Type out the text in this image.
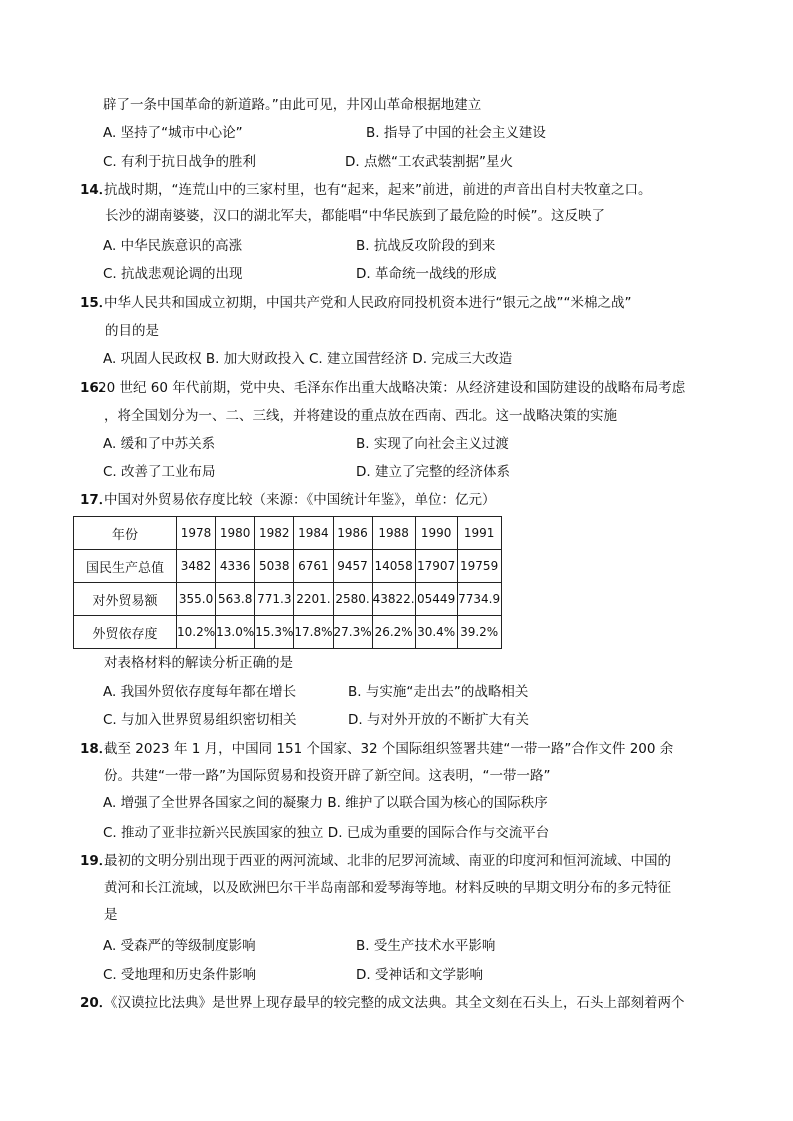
辟了一条中国革命的新道路。”由此可见，井冈山革命根据地建立
A. 坚持了“城市中心论”	B. 指导了中国的社会主义建设
C. 有利于抗日战争的胜利	D. 点燃“工农武装割据”星火
14．
抗战时期，“连荒山中的三家村里，也有“起来，起来”前进，前进的声音出自村夫牧童之口。
长沙的湖南婆婆，汉口的湖北军夫，都能唱“中华民族到了最危险的时候”。这反映了
A. 中华民族意识的高涨	B. 抗战反攻阶段的到来
C. 抗战悲观论调的出现	D. 革命统一战线的形成
15．
中华人民共和国成立初期，中国共产党和人民政府同投机资本进行“银元之战”“米棉之战”
的目的是
A. 巩固人民政权 B. 加大财政投入 C. 建立国营经济 D. 完成三大改造
16.
20 世纪 60 年代前期，党中央、毛泽东作出重大战略决策：从经济建设和国防建设的战略布局考虑
，将全国划分为一、二、三线，并将建设的重点放在西南、西北。这一战略决策的实施
A. 缓和了中苏关系	B. 实现了向社会主义过渡
C. 改善了工业布局	D. 建立了完整的经济体系
17．
中国对外贸易依存度比较（来源：《中国统计年鉴》，单位：亿元）
年份	1978	1980	1982	1984	1986	1988	1990	1991
国民生产总值	3482	4336	5038	6761	9457	14058	17907	19759
对外贸易额	355.0	563.8	771.3	2201.	2580.	43822.	05449	7734.9
外贸依存度	10.2%	13.0%	15.3%	17.8%	27.3%	26.2%	30.4%	39.2%
对表格材料的解读分析正确的是
A. 我国外贸依存度每年都在增长	B. 与实施“走出去”的战略相关
C. 与加入世界贸易组织密切相关	D. 与对外开放的不断扩大有关
18．
截至 2023 年 1 月，中国同 151 个国家、32 个国际组织签署共建“一带一路”合作文件 200 余
份。共建“一带一路”为国际贸易和投资开辟了新空间。这表明，“一带一路”
A. 增强了全世界各国家之间的凝聚力 B. 维护了以联合国为核心的国际秩序
C. 推动了亚非拉新兴民族国家的独立 D. 已成为重要的国际合作与交流平台
19．
最初的文明分别出现于西亚的两河流域、北非的尼罗河流域、南亚的印度河和恒河流域、中国的
黄河和长江流域，以及欧洲巴尔干半岛南部和爱琴海等地。材料反映的早期文明分布的多元特征
是
A. 受森严的等级制度影响	B. 受生产技术水平影响
C. 受地理和历史条件影响	D. 受神话和文学影响
20．
《汉谟拉比法典》是世界上现存最早的较完整的成文法典。其全文刻在石头上，石头上部刻着两个
